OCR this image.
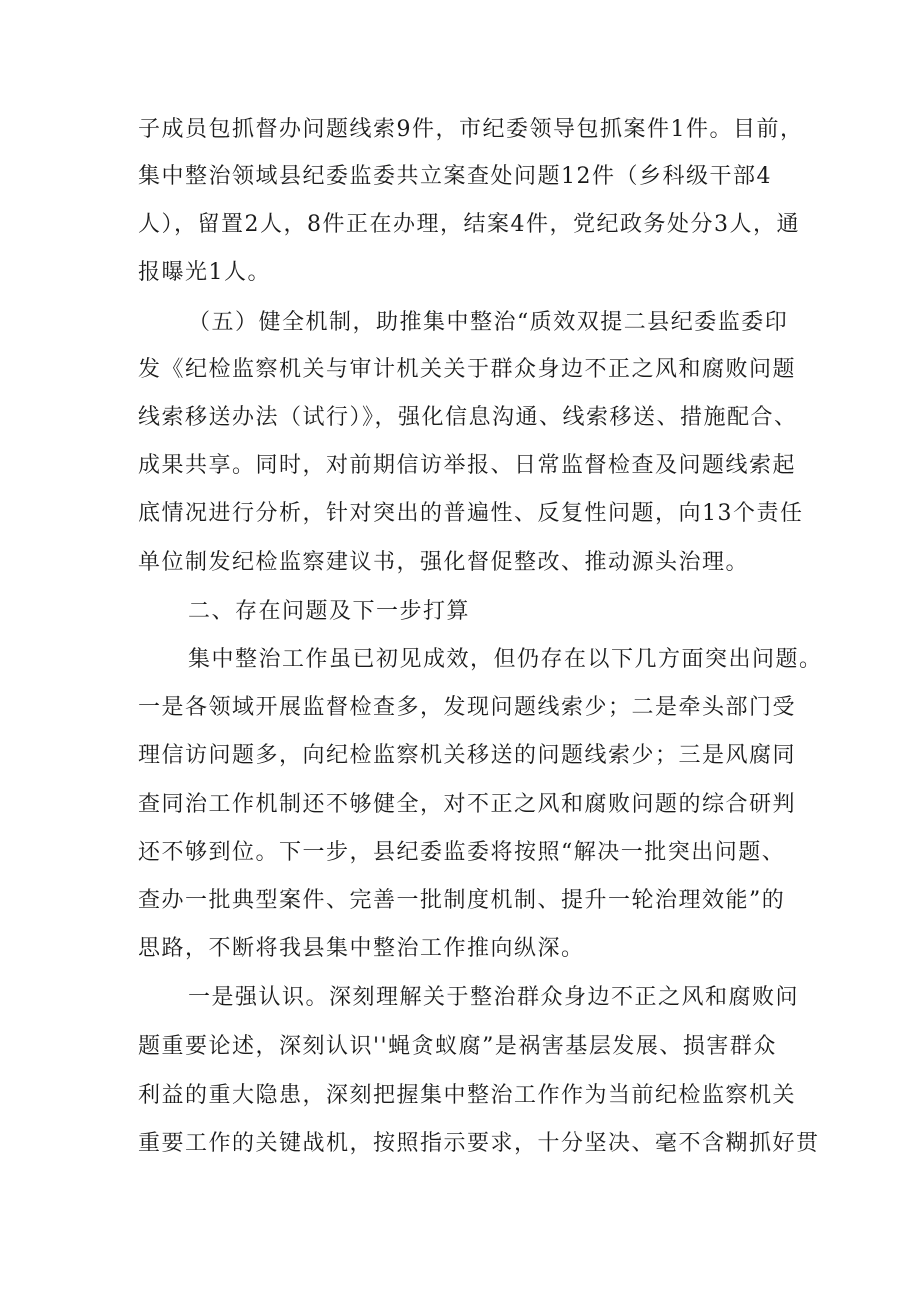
子成员包抓督办问题线索9件，市纪委领导包抓案件1件。目前，
集中整治领域县纪委监委共立案查处问题12件（乡科级干部4
人），留置2人，8件正在办理，结案4件，党纪政务处分3人，通
报曝光1人。
（五）健全机制，助推集中整治“质效双提二县纪委监委印
发《纪检监察机关与审计机关关于群众身边不正之风和腐败问题
线索移送办法（试行）》，强化信息沟通、线索移送、措施配合、
成果共享。同时，对前期信访举报、日常监督检查及问题线索起
底情况进行分析，针对突出的普遍性、反复性问题，向13个责任
单位制发纪检监察建议书，强化督促整改、推动源头治理。
二、存在问题及下一步打算
集中整治工作虽已初见成效，但仍存在以下几方面突出问题。
一是各领域开展监督检查多，发现问题线索少；二是牵头部门受
理信访问题多，向纪检监察机关移送的问题线索少；三是风腐同
查同治工作机制还不够健全，对不正之风和腐败问题的综合研判
还不够到位。下一步，县纪委监委将按照“解决一批突出问题、
查办一批典型案件、完善一批制度机制、提升一轮治理效能”的
思路，不断将我县集中整治工作推向纵深。
一是强认识。深刻理解关于整治群众身边不正之风和腐败问
题重要论述，深刻认识''蝇贪蚁腐”是祸害基层发展、损害群众
利益的重大隐患，深刻把握集中整治工作作为当前纪检监察机关
重要工作的关键战机，按照指示要求，十分坚决、毫不含糊抓好贯
